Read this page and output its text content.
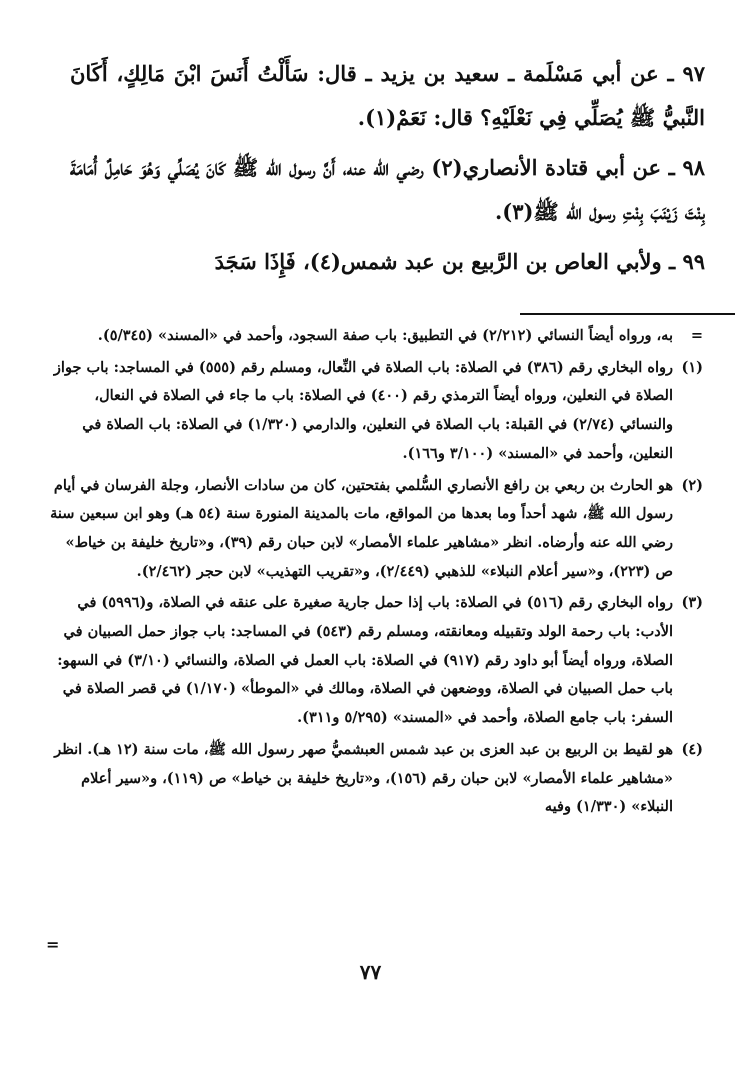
٩٧ ـ عن أبي مَسْلَمة ـ سعيد بن يزيد ـ قال: سَأَلْتُ أَنَسَ ابْنَ مَالِكٍ، أَكَانَ النَّبيُّ ﷺ يُصَلِّي فِي نَعْلَيْهِ؟ قال: نَعَمْ(١).

٩٨ ـ عن أبي قتادة الأنصاري(٢) رضي الله عنه، أَنَّ رسول الله ﷺ كَانَ يُصَلِّي وَهُوَ حَامِلٌ أُمَامَةَ بِنْتَ زَيْنَبَ بِنْتِ رسول الله ﷺ(٣).

٩٩ ـ ولأبي العاص بن الرَّبيع بن عبد شمس(٤)، فَإِذَا سَجَدَ

=
به، ورواه أيضاً النسائي (٢/٢١٢) في التطبيق: باب صفة السجود، وأحمد في «المسند» (٥/٣٤٥).
(١)
رواه البخاري رقم (٣٨٦) في الصلاة: باب الصلاة في النِّعال، ومسلم رقم (٥٥٥) في المساجد: باب جواز الصلاة في النعلين، ورواه أيضاً الترمذي رقم (٤٠٠) في الصلاة: باب ما جاء في الصلاة في النعال، والنسائي (٢/٧٤) في القبلة: باب الصلاة في النعلين، والدارمي (١/٣٢٠) في الصلاة: باب الصلاة في النعلين، وأحمد في «المسند» (٣/١٠٠ و١٦٦).
(٢)
هو الحارث بن ربعي بن رافع الأنصاري السُّلمي بفتحتين، كان من سادات الأنصار، وجلة الفرسان في أيام رسول الله ﷺ، شهد أحداً وما بعدها من المواقع، مات بالمدينة المنورة سنة (٥٤ هـ) وهو ابن سبعين سنة رضي الله عنه وأرضاه. انظر «مشاهير علماء الأمصار» لابن حبان رقم (٣٩)، و«تاريخ خليفة بن خياط» ص (٢٢٣)، و«سير أعلام النبلاء» للذهبي (٢/٤٤٩)، و«تقريب التهذيب» لابن حجر (٢/٤٦٢).
(٣)
رواه البخاري رقم (٥١٦) في الصلاة: باب إذا حمل جارية صغيرة على عنقه في الصلاة، و(٥٩٩٦) في الأدب: باب رحمة الولد وتقبيله ومعانقته، ومسلم رقم (٥٤٣) في المساجد: باب جواز حمل الصبيان في الصلاة، ورواه أيضاً أبو داود رقم (٩١٧) في الصلاة: باب العمل في الصلاة، والنسائي (٣/١٠) في السهو: باب حمل الصبيان في الصلاة، ووضعهن في الصلاة، ومالك في «الموطأ» (١/١٧٠) في قصر الصلاة في السفر: باب جامع الصلاة، وأحمد في «المسند» (٥/٢٩٥ و٣١١).
(٤)
هو لقيط بن الربيع بن عبد العزى بن عبد شمس العبشميُّ صهر رسول الله ﷺ، مات سنة (١٢ هـ). انظر «مشاهير علماء الأمصار» لابن حبان رقم (١٥٦)، و«تاريخ خليفة بن خياط» ص (١١٩)، و«سير أعلام النبلاء» (١/٣٣٠) وفيه
=
٧٧
